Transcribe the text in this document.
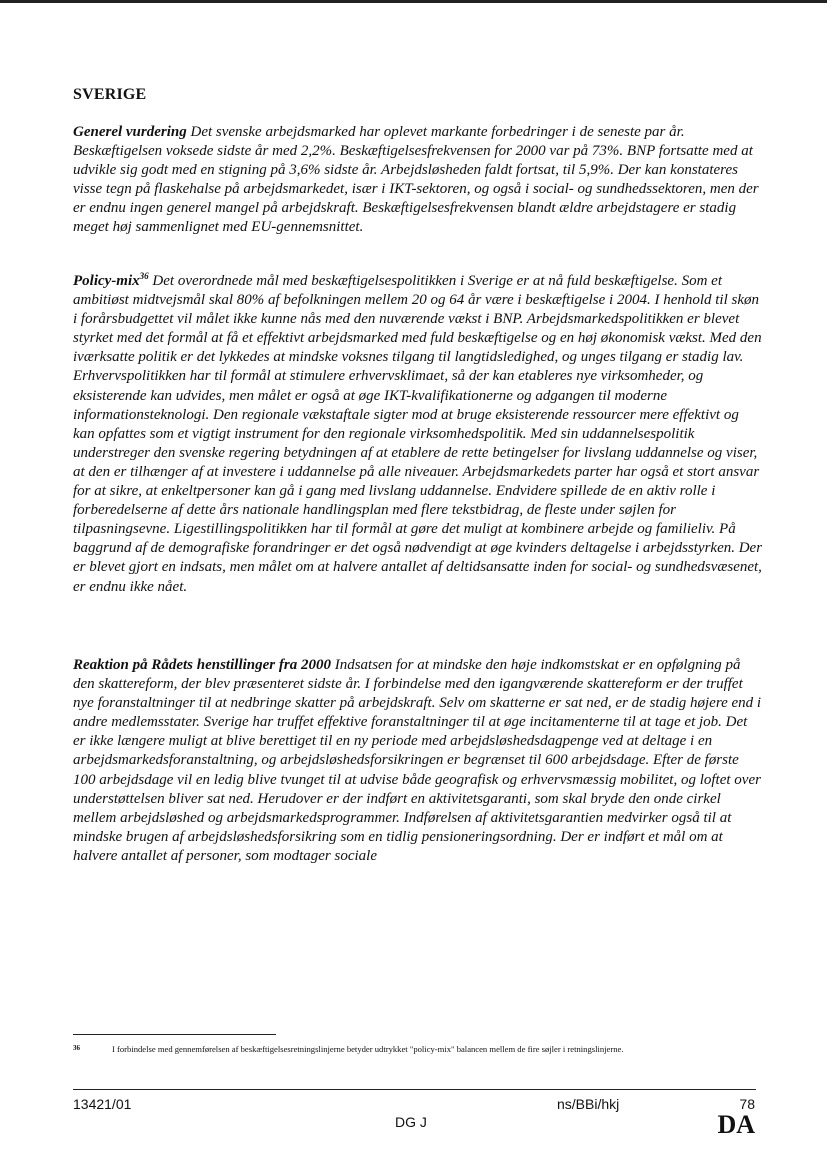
SVERIGE
Generel vurdering Det svenske arbejdsmarked har oplevet markante forbedringer i de seneste par år. Beskæftigelsen voksede sidste år med 2,2%. Beskæftigelsesfrekvensen for 2000 var på 73%. BNP fortsatte med at udvikle sig godt med en stigning på 3,6% sidste år. Arbejdsløsheden faldt fortsat, til 5,9%. Der kan konstateres visse tegn på flaskehalse på arbejdsmarkedet, især i IKT-sektoren, og også i social- og sundhedssektoren, men der er endnu ingen generel mangel på arbejdskraft. Beskæftigelsesfrekvensen blandt ældre arbejdstagere er stadig meget høj sammenlignet med EU-gennemsnittet.
Policy-mix$^{36}$ Det overordnede mål med beskæftigelsespolitikken i Sverige er at nå fuld beskæftigelse. Som et ambitiøst midtvejsmål skal 80% af befolkningen mellem 20 og 64 år være i beskæftigelse i 2004. I henhold til skøn i forårsbudgettet vil målet ikke kunne nås med den nuværende vækst i BNP. Arbejdsmarkedspolitikken er blevet styrket med det formål at få et effektivt arbejdsmarked med fuld beskæftigelse og en høj økonomisk vækst. Med den iværksatte politik er det lykkedes at mindske voksnes tilgang til langtidsledighed, og unges tilgang er stadig lav. Erhvervspolitikken har til formål at stimulere erhvervsklimaet, så der kan etableres nye virksomheder, og eksisterende kan udvides, men målet er også at øge IKT-kvalifikationerne og adgangen til moderne informationsteknologi. Den regionale vækstaftale sigter mod at bruge eksisterende ressourcer mere effektivt og kan opfattes som et vigtigt instrument for den regionale virksomhedspolitik. Med sin uddannelsespolitik understreger den svenske regering betydningen af at etablere de rette betingelser for livslang uddannelse og viser, at den er tilhænger af at investere i uddannelse på alle niveauer. Arbejdsmarkedets parter har også et stort ansvar for at sikre, at enkeltpersoner kan gå i gang med livslang uddannelse. Endvidere spillede de en aktiv rolle i forberedelserne af dette års nationale handlingsplan med flere tekstbidrag, de fleste under søjlen for tilpasningsevne. Ligestillingspolitikken har til formål at gøre det muligt at kombinere arbejde og familieliv. På baggrund af de demografiske forandringer er det også nødvendigt at øge kvinders deltagelse i arbejdsstyrken. Der er blevet gjort en indsats, men målet om at halvere antallet af deltidsansatte inden for social- og sundhedsvæsenet, er endnu ikke nået.
Reaktion på Rådets henstillinger fra 2000 Indsatsen for at mindske den høje indkomstskat er en opfølgning på den skattereform, der blev præsenteret sidste år. I forbindelse med den igangværende skattereform er der truffet nye foranstaltninger til at nedbringe skatter på arbejdskraft. Selv om skatterne er sat ned, er de stadig højere end i andre medlemsstater. Sverige har truffet effektive foranstaltninger til at øge incitamenterne til at tage et job. Det er ikke længere muligt at blive berettiget til en ny periode med arbejdsløshedsdagpenge ved at deltage i en arbejdsmarkedsforanstaltning, og arbejdsløshedsforsikringen er begrænset til 600 arbejdsdage. Efter de første 100 arbejdsdage vil en ledig blive tvunget til at udvise både geografisk og erhvervsmæssig mobilitet, og loftet over understøttelsen bliver sat ned. Herudover er der indført en aktivitetsgaranti, som skal bryde den onde cirkel mellem arbejdsløshed og arbejdsmarkedsprogrammer. Indførelsen af aktivitetsgarantien medvirker også til at mindske brugen af arbejdsløshedsforsikring som en tidlig pensioneringsordning. Der er indført et mål om at halvere antallet af personer, som modtager sociale
36	I forbindelse med gennemførelsen af beskæftigelsesretningslinjerne betyder udtrykket "policy-mix" balancen mellem de fire søjler i retningslinjerne.
13421/01	ns/BBi/hkj	78
DG J	DA
